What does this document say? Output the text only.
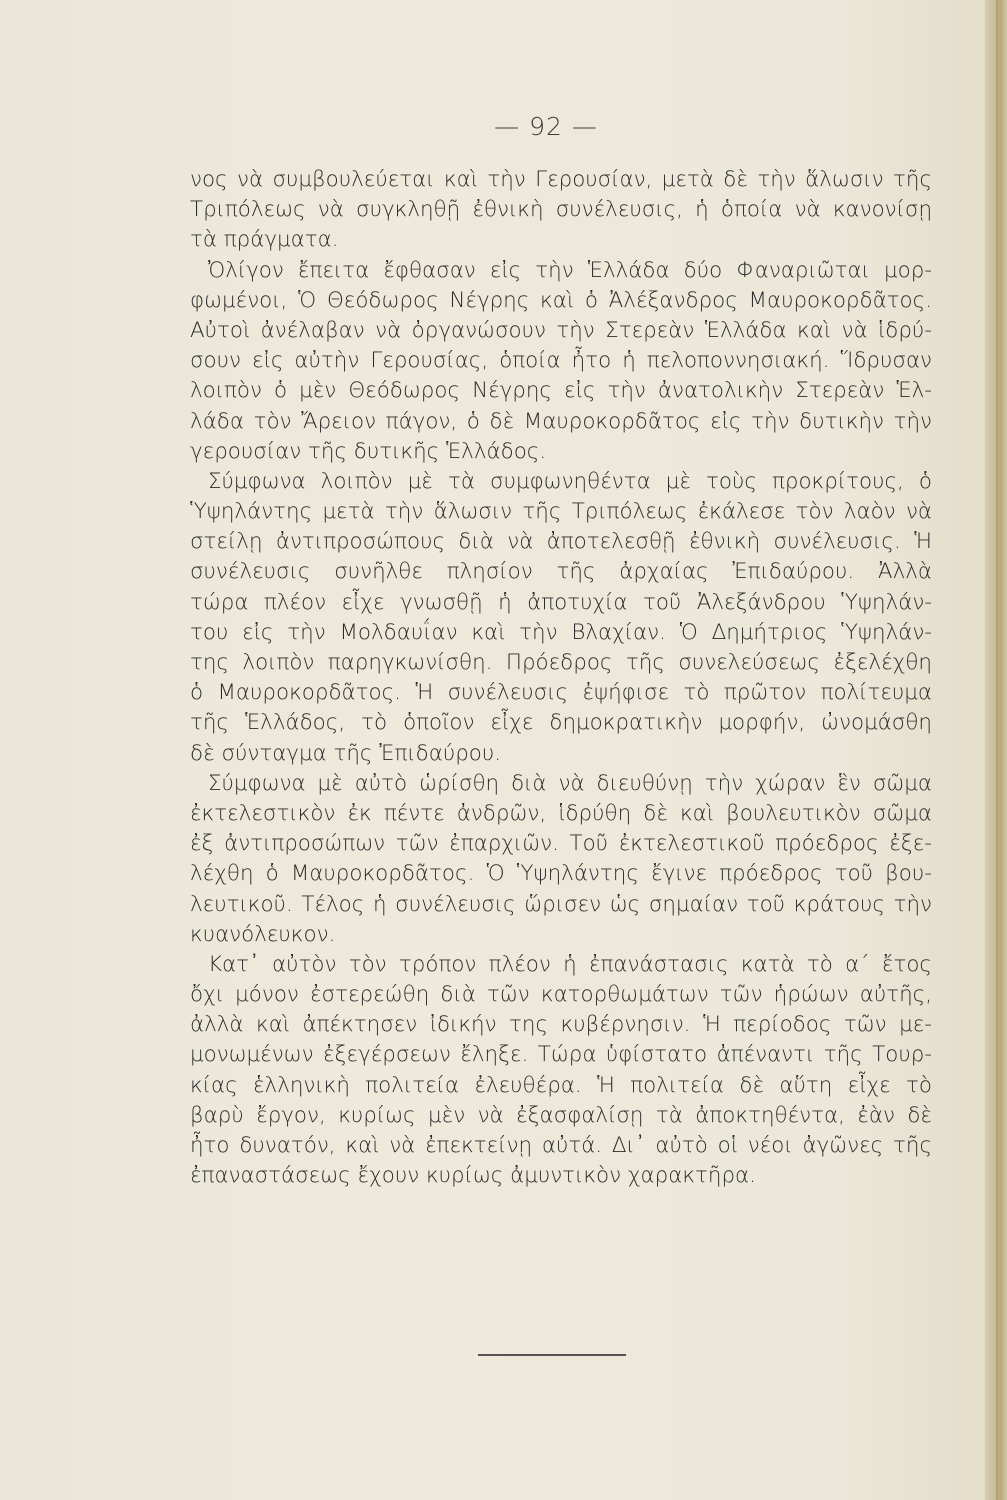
— 92 —
νος νὰ συμβουλεύεται καὶ τὴν Γερουσίαν, μετὰ δὲ τὴν ἅλωσιν τῆς
Τριπόλεως νὰ συγκληθῇ ἐθνικὴ συνέλευσις, ἡ ὁποία νὰ κανονίσῃ
τὰ πράγματα.
Ὀλίγον ἔπειτα ἔφθασαν εἰς τὴν Ἑλλάδα δύο Φαναριῶται μορ-
φωμένοι, Ὁ Θεόδωρος Νέγρης καὶ ὁ Ἀλέξανδρος Μαυροκορδᾶτος.
Αὐτοὶ ἀνέλαβαν νὰ ὀργανώσουν τὴν Στερεὰν Ἑλλάδα καὶ νὰ ἱδρύ-
σουν εἰς αὐτὴν Γερουσίας, ὁποία ἦτο ἡ πελοποννησιακή. Ἵδρυσαν
λοιπὸν ὁ μὲν Θεόδωρος Νέγρης εἰς τὴν ἀνατολικὴν Στερεὰν Ἑλ-
λάδα τὸν Ἄρειον πάγον, ὁ δὲ Μαυροκορδᾶτος εἰς τὴν δυτικὴν τὴν
γερουσίαν τῆς δυτικῆς Ἑλλάδος.
Σύμφωνα λοιπὸν μὲ τὰ συμφωνηθέντα μὲ τοὺς προκρίτους, ὁ
Ὑψηλάντης μετὰ τὴν ἅλωσιν τῆς Τριπόλεως ἐκάλεσε τὸν λαὸν νὰ
στείλῃ ἀντιπροσώπους διὰ νὰ ἀποτελεσθῇ ἐθνικὴ συνέλευσις. Ἡ
συνέλευσις συνῆλθε πλησίον τῆς ἀρχαίας Ἐπιδαύρου. Ἀλλὰ
τώρα πλέον εἶχε γνωσθῇ ἡ ἀποτυχία τοῦ Ἀλεξάνδρου Ὑψηλάν-
του εἰς τὴν Μολδαυΐαν καὶ τὴν Βλαχίαν. Ὁ Δημήτριος Ὑψηλάν-
της λοιπὸν παρηγκωνίσθη. Πρόεδρος τῆς συνελεύσεως ἐξελέχθη
ὁ Μαυροκορδᾶτος. Ἡ συνέλευσις ἐψήφισε τὸ πρῶτον πολίτευμα
τῆς Ἑλλάδος, τὸ ὁποῖον εἶχε δημοκρατικὴν μορφήν, ὠνομάσθη
δὲ σύνταγμα τῆς Ἐπιδαύρου.
Σύμφωνα μὲ αὐτὸ ὡρίσθη διὰ νὰ διευθύνῃ τὴν χώραν ἓν σῶμα
ἐκτελεστικὸν ἐκ πέντε ἀνδρῶν, ἱδρύθη δὲ καὶ βουλευτικὸν σῶμα
ἐξ ἀντιπροσώπων τῶν ἐπαρχιῶν. Τοῦ ἐκτελεστικοῦ πρόεδρος ἐξε-
λέχθη ὁ Μαυροκορδᾶτος. Ὁ Ὑψηλάντης ἔγινε πρόεδρος τοῦ βου-
λευτικοῦ. Τέλος ἡ συνέλευσις ὥρισεν ὡς σημαίαν τοῦ κράτους τὴν
κυανόλευκον.
Κατ᾽ αὐτὸν τὸν τρόπον πλέον ἡ ἐπανάστασις κατὰ τὸ α΄ ἔτος
ὄχι μόνον ἐστερεώθη διὰ τῶν κατορθωμάτων τῶν ἡρώων αὐτῆς,
ἀλλὰ καὶ ἀπέκτησεν ἰδικήν της κυβέρνησιν. Ἡ περίοδος τῶν με-
μονωμένων ἐξεγέρσεων ἔληξε. Τώρα ὑφίστατο ἀπέναντι τῆς Τουρ-
κίας ἑλληνικὴ πολιτεία ἐλευθέρα. Ἡ πολιτεία δὲ αὕτη εἶχε τὸ
βαρὺ ἔργον, κυρίως μὲν νὰ ἐξασφαλίσῃ τὰ ἀποκτηθέντα, ἐὰν δὲ
ἦτο δυνατόν, καὶ νὰ ἐπεκτείνῃ αὐτά. Δι᾽ αὐτὸ οἱ νέοι ἀγῶνες τῆς
ἐπαναστάσεως ἔχουν κυρίως ἀμυντικὸν χαρακτῆρα.
